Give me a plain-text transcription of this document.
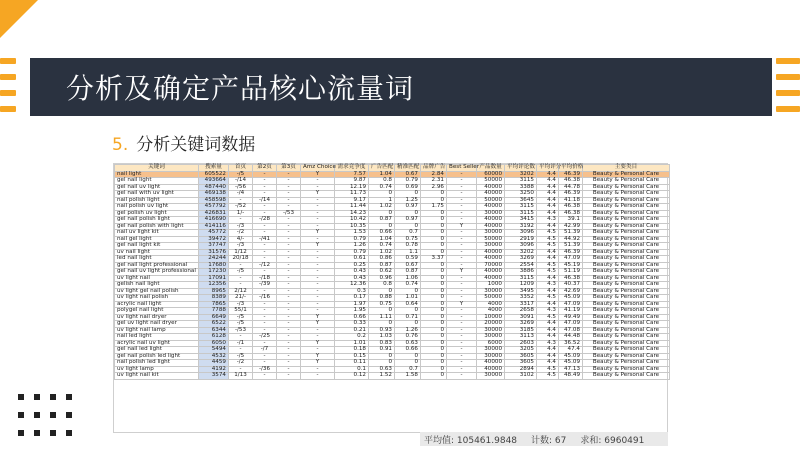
分析及确定产品核心流量词
5. 分析关键词数据
关键词	搜索量	首页	第2页	第3页	Amz Choice	需求竞争度	广告匹配	精准匹配	品牌广告	Best Seller	产品数量	平均评论数	平均评分	平均价格	主要类目
nail light	605522	-/5	-	-	Y	7.57	1.04	0.67	2.84	-	60000	3202	4.4	46.39	Beauty & Personal Care
gel nail light	493664	-/14	-	-	-	9.87	0.8	0.79	2.31	-	50000	3115	4.4	46.38	Beauty & Personal Care
gel nail uv light	487440	-/56	-	-	-	12.19	0.74	0.69	2.96	-	40000	3388	4.4	44.78	Beauty & Personal Care
gel nail with uv light	469138	-/4	-	-	Y	11.73	0	0	0	-	40000	3250	4.4	46.39	Beauty & Personal Care
nail polish light	458598	-	-/14	-	-	9.17	1	1.25	0	-	50000	3645	4.4	41.18	Beauty & Personal Care
nail polish uv light	457792	-/52	-	-	-	11.44	1.02	0.97	1.75	-	40000	3115	4.4	46.38	Beauty & Personal Care
gel polish uv light	426831	1/-	-	-/53	-	14.23	0	0	0	-	30000	3115	4.4	46.38	Beauty & Personal Care
gel nail polish light	416690	-	-/28	-	-	10.42	0.87	0.97	0	-	40000	3415	4.3	39.1	Beauty & Personal Care
gel nail polish with light	414116	-/3	-	-	-	10.35	0	0	0	Y	40000	3192	4.4	42.99	Beauty & Personal Care
nail uv light kit	45772	-/2	-	-	Y	1.53	0.66	0.7	0	-	30000	3096	4.5	51.39	Beauty & Personal Care
nail gel light	39472	4/-	-/41	-	-	0.79	1.04	0.75	0	-	50000	2919	4.5	44.92	Beauty & Personal Care
gel nail light kit	37747	-/3	-	-	Y	1.26	0.74	0.78	0	-	30000	3096	4.5	51.39	Beauty & Personal Care
uv nail light	31576	1/12	-	-	-	0.79	1.02	1.1	0	-	40000	3202	4.4	46.39	Beauty & Personal Care
led nail light	24244	20/18	-	-	-	0.61	0.86	0.59	3.37	-	40000	3269	4.4	47.09	Beauty & Personal Care
gel nail light professional	17680	-	-/12	-	-	0.25	0.87	0.67	0	-	70000	2554	4.5	45.19	Beauty & Personal Care
gel nail uv light professional	17230	-/5	-	-	-	0.43	0.62	0.87	0	Y	40000	3886	4.5	51.19	Beauty & Personal Care
uv light nail	17091	-	-/18	-	-	0.43	0.96	1.06	0	-	40000	3115	4.4	46.38	Beauty & Personal Care
gelish nail light	12356	-	-/39	-	-	12.36	0.8	0.74	0	-	1000	1209	4.3	40.37	Beauty & Personal Care
uv light gel nail polish	8965	2/12	-	-	-	0.3	0	0	0	-	30000	3495	4.4	42.69	Beauty & Personal Care
uv light nail polish	8389	21/-	-/16	-	-	0.17	0.88	1.01	0	-	50000	3352	4.5	45.09	Beauty & Personal Care
acrylic nail light	7865	-/3	-	-	-	1.97	0.75	0.64	0	Y	4000	3317	4.4	47.09	Beauty & Personal Care
polygel nail light	7788	55/1	-	-	-	1.95	0	0	0	-	4000	2658	4.3	41.19	Beauty & Personal Care
uv light nail dryer	6649	-/5	-	-	Y	0.66	1.11	0.71	0	-	10000	3091	4.5	49.49	Beauty & Personal Care
gel uv light nail dryer	6522	-/5	-	-	Y	0.33	0	0	0	-	20000	3269	4.4	47.09	Beauty & Personal Care
uv light nail lamp	6344	-/53	-	-	-	0.21	0.93	1.26	0	-	30000	3185	4.4	47.08	Beauty & Personal Care
nail led light	6128	-	-/25	-	-	0.2	1.03	0.76	0	-	30000	3113	4.4	44.48	Beauty & Personal Care
acrylic nail uv light	6050	-/1	-	-	Y	1.01	0.83	0.63	0	-	6000	2603	4.3	36.52	Beauty & Personal Care
gel nail led light	5494	-	-/7	-	-	0.18	0.91	0.66	0	-	30000	3205	4.4	47.4	Beauty & Personal Care
gel nail polish led light	4532	-/5	-	-	Y	0.15	0	0	0	-	30000	3605	4.4	45.09	Beauty & Personal Care
nail polish led light	4459	-/2	-	-	Y	0.11	0	0	0	-	40000	3605	4.4	45.09	Beauty & Personal Care
uv light lamp	4192	-	-/36	-	-	0.1	0.63	0.7	0	-	40000	2894	4.5	47.13	Beauty & Personal Care
uv light nail kit	3574	1/13	-	-	-	0.12	1.52	1.58	0	-	30000	3102	4.5	48.49	Beauty & Personal Care
平均值: 105461.9848 计数: 67 求和: 6960491
